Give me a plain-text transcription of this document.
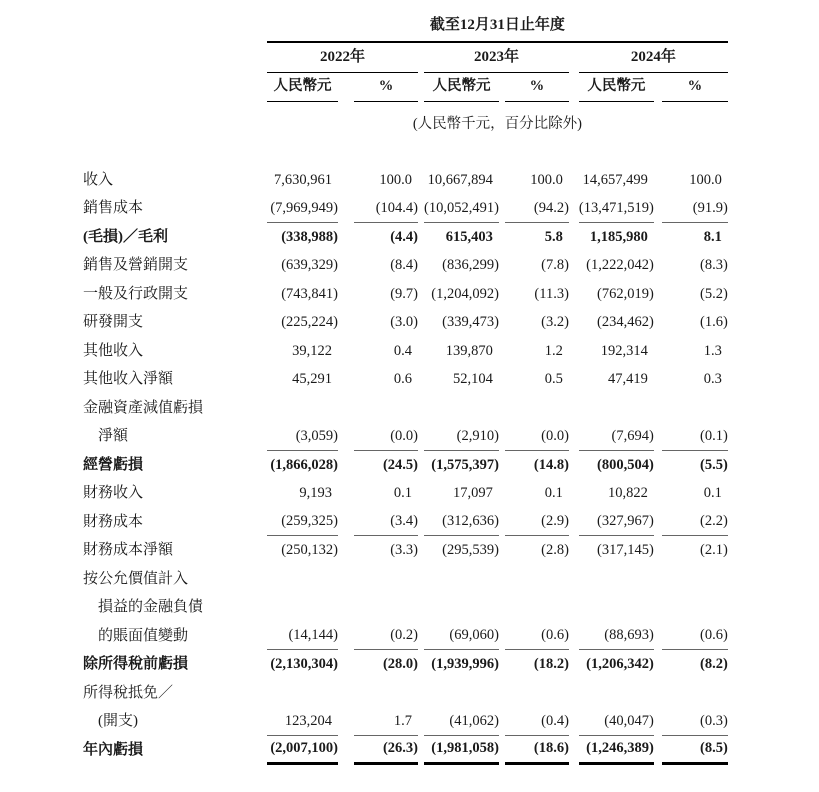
	截至12月31日止年度										
	2022年				2023年				2024年		
	人民幣元		%		人民幣元		%		人民幣元		%
	(人民幣千元，百分比除外)										

收入	7,630,961		100.0		10,667,894		100.0		14,657,499		100.0
銷售成本	(7,969,949)		(104.4)		(10,052,491)		(94.2)		(13,471,519)		(91.9)
(毛損)／毛利	(338,988)		(4.4)		615,403		5.8		1,185,980		8.1
銷售及營銷開支	(639,329)		(8.4)		(836,299)		(7.8)		(1,222,042)		(8.3)
一般及行政開支	(743,841)		(9.7)		(1,204,092)		(11.3)		(762,019)		(5.2)
研發開支	(225,224)		(3.0)		(339,473)		(3.2)		(234,462)		(1.6)
其他收入	39,122		0.4		139,870		1.2		192,314		1.3
其他收入淨額	45,291		0.6		52,104		0.5		47,419		0.3
金融資產減值虧損											
淨額	(3,059)		(0.0)		(2,910)		(0.0)		(7,694)		(0.1)
經營虧損	(1,866,028)		(24.5)		(1,575,397)		(14.8)		(800,504)		(5.5)
財務收入	9,193		0.1		17,097		0.1		10,822		0.1
財務成本	(259,325)		(3.4)		(312,636)		(2.9)		(327,967)		(2.2)
財務成本淨額	(250,132)		(3.3)		(295,539)		(2.8)		(317,145)		(2.1)
按公允價值計入											
損益的金融負債											
的賬面值變動	(14,144)		(0.2)		(69,060)		(0.6)		(88,693)		(0.6)
除所得稅前虧損	(2,130,304)		(28.0)		(1,939,996)		(18.2)		(1,206,342)		(8.2)
所得稅抵免／											
(開支)	123,204		1.7		(41,062)		(0.4)		(40,047)		(0.3)
年內虧損	(2,007,100)		(26.3)		(1,981,058)		(18.6)		(1,246,389)		(8.5)
